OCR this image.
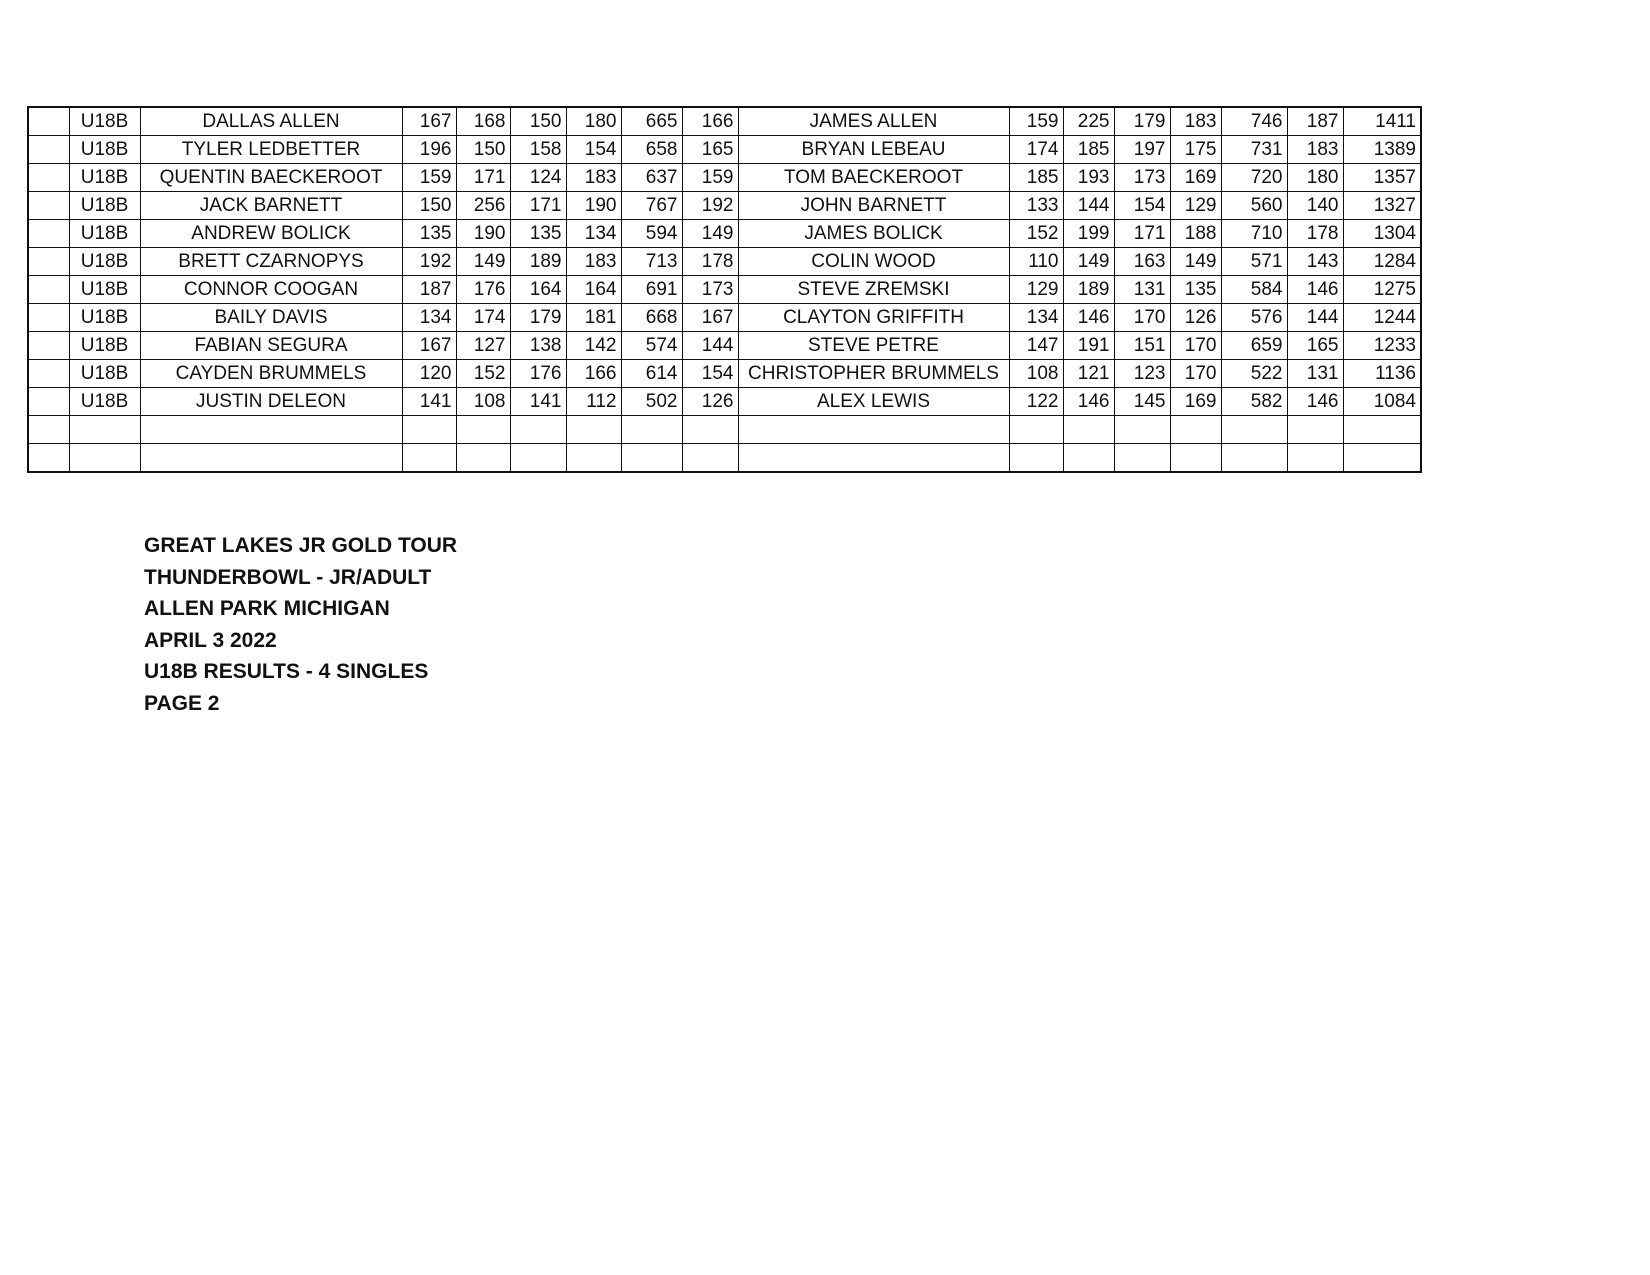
	U18B	DALLAS ALLEN	167	168	150	180	665	166	JAMES ALLEN	159	225	179	183	746	187	1411
	U18B	TYLER LEDBETTER	196	150	158	154	658	165	BRYAN LEBEAU	174	185	197	175	731	183	1389
	U18B	QUENTIN BAECKEROOT	159	171	124	183	637	159	TOM BAECKEROOT	185	193	173	169	720	180	1357
	U18B	JACK BARNETT	150	256	171	190	767	192	JOHN BARNETT	133	144	154	129	560	140	1327
	U18B	ANDREW BOLICK	135	190	135	134	594	149	JAMES BOLICK	152	199	171	188	710	178	1304
	U18B	BRETT CZARNOPYS	192	149	189	183	713	178	COLIN WOOD	110	149	163	149	571	143	1284
	U18B	CONNOR COOGAN	187	176	164	164	691	173	STEVE ZREMSKI	129	189	131	135	584	146	1275
	U18B	BAILY DAVIS	134	174	179	181	668	167	CLAYTON GRIFFITH	134	146	170	126	576	144	1244
	U18B	FABIAN SEGURA	167	127	138	142	574	144	STEVE PETRE	147	191	151	170	659	165	1233
	U18B	CAYDEN BRUMMELS	120	152	176	166	614	154	CHRISTOPHER BRUMMELS	108	121	123	170	522	131	1136
	U18B	JUSTIN DELEON	141	108	141	112	502	126	ALEX LEWIS	122	146	145	169	582	146	1084

GREAT LAKES JR GOLD TOUR
THUNDERBOWL - JR/ADULT
ALLEN PARK MICHIGAN
APRIL 3 2022
U18B RESULTS - 4 SINGLES
PAGE 2
